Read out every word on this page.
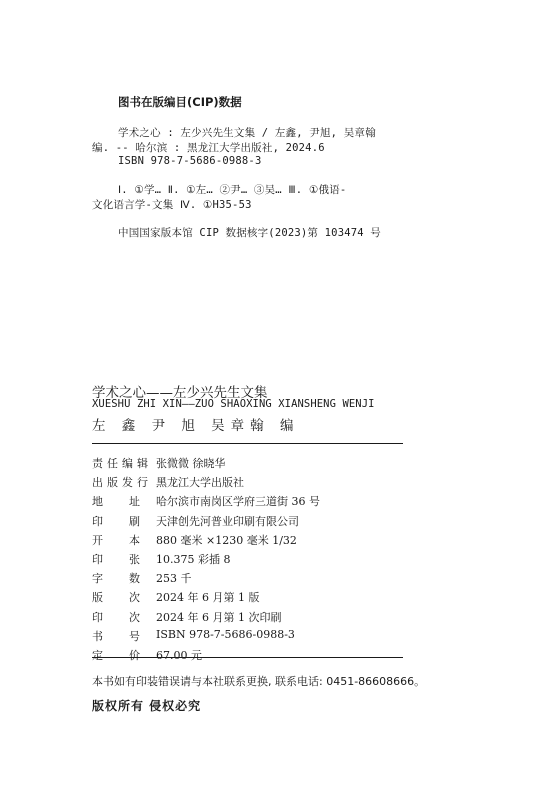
图书在版编目(CIP)数据
学术之心 : 左少兴先生文集 / 左鑫, 尹旭, 吴章翰
编. -- 哈尔滨 : 黑龙江大学出版社, 2024.6
ISBN 978-7-5686-0988-3
Ⅰ. ①学… Ⅱ. ①左… ②尹… ③吴… Ⅲ. ①俄语-
文化语言学-文集 Ⅳ. ①H35-53
中国国家版本馆 CIP 数据核字(2023)第 103474 号
学术之心——左少兴先生文集
XUESHU ZHI XIN——ZUO SHAOXING XIANSHENG WENJI
左 鑫 尹 旭 吴章翰 编
责 任 编 辑 张微微 徐晓华
出 版 发 行 黑龙江大学出版社
地 址 哈尔滨市南岗区学府三道街 36 号
印 刷 天津创先河普业印刷有限公司
开 本 880 毫米 ×1230 毫米 1/32
印 张 10.375 彩插 8
字 数 253 千
版 次 2024 年 6 月第 1 版
印 次 2024 年 6 月第 1 次印刷
书 号 ISBN 978-7-5686-0988-3
定 价 67.00 元
本书如有印装错误请与本社联系更换, 联系电话: 0451-86608666。
版权所有 侵权必究
